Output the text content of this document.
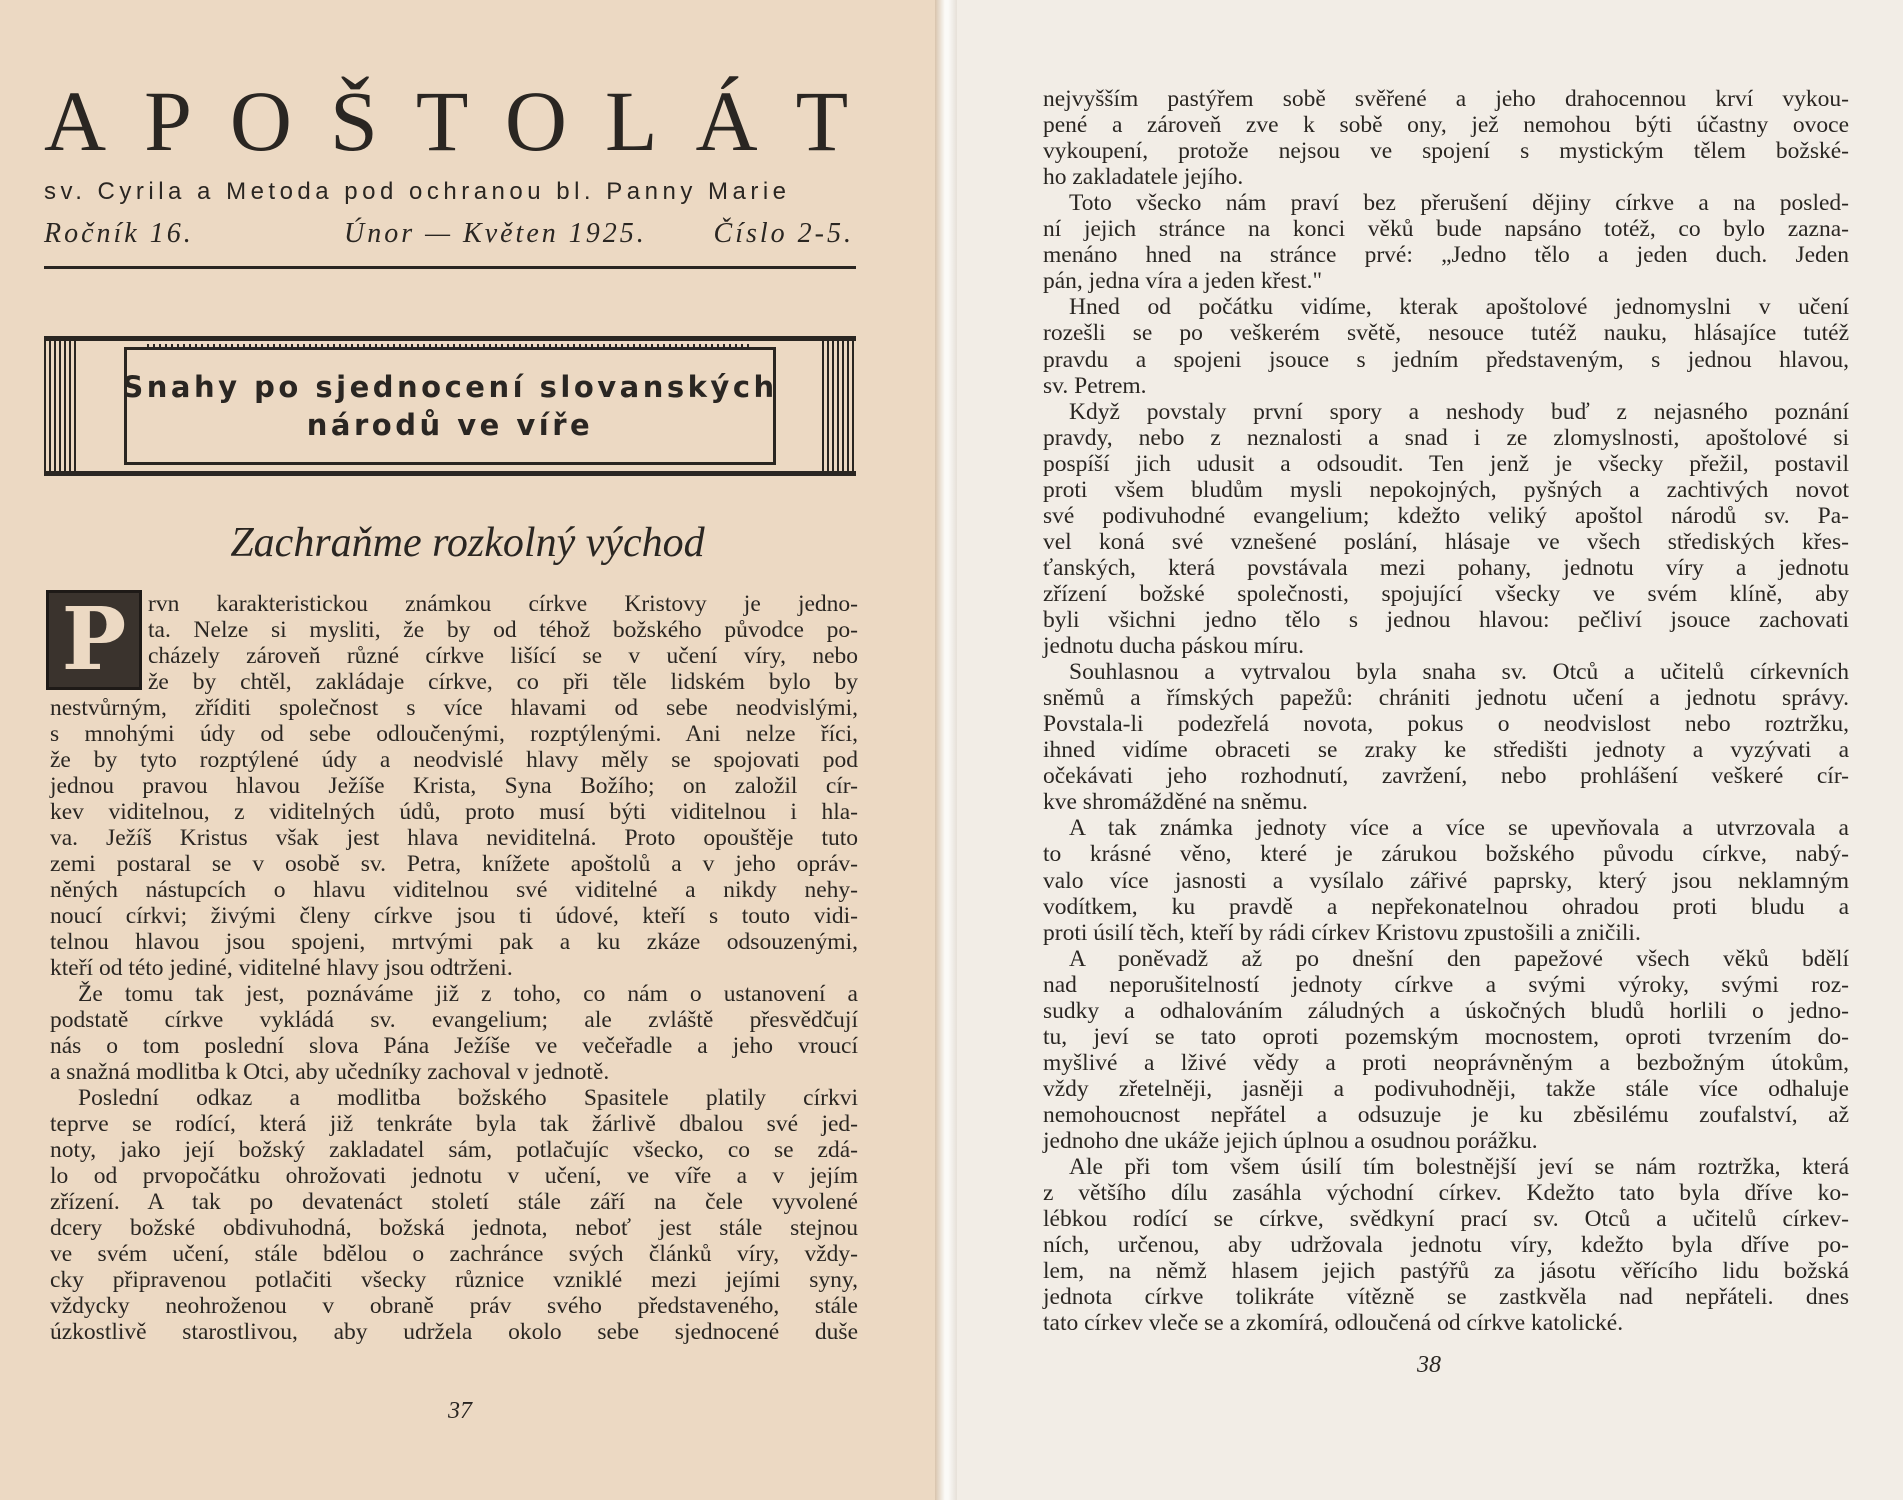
APOŠTOLÁT
sv. Cyrila a Metoda pod ochranou bl. Panny Marie
Ročník 16.	Únor — Květen 1925. Číslo 2-5.
Snahy po sjednocení slovanských
národů ve víře
Zachraňme rozkolný východ
P rvn karakteristickou známkou církve Kristovy je jedno-
ta. Nelze si mysliti, že by od téhož božského původce po-
cházely zároveň různé církve lišící se v učení víry, nebo
že by chtěl, zakládaje církve, co při těle lidském bylo by
nestvůrným, zříditi společnost s více hlavami od sebe neodvislými,
s mnohými údy od sebe odloučenými, rozptýlenými. Ani nelze říci,
že by tyto rozptýlené údy a neodvislé hlavy měly se spojovati pod
jednou pravou hlavou Ježíše Krista, Syna Božího; on založil cír-
kev viditelnou, z viditelných údů, proto musí býti viditelnou i hla-
va. Ježíš Kristus však jest hlava neviditelná. Proto opouštěje tuto
zemi postaral se v osobě sv. Petra, knížete apoštolů a v jeho opráv-
něných nástupcích o hlavu viditelnou své viditelné a nikdy nehy-
noucí církvi; živými členy církve jsou ti údové, kteří s touto vidi-
telnou hlavou jsou spojeni, mrtvými pak a ku zkáze odsouzenými,
kteří od této jediné, viditelné hlavy jsou odtrženi.
Že tomu tak jest, poznáváme již z toho, co nám o ustanovení a
podstatě církve vykládá sv. evangelium; ale zvláště přesvědčují
nás o tom poslední slova Pána Ježíše ve večeřadle a jeho vroucí
a snažná modlitba k Otci, aby učedníky zachoval v jednotě.
Poslední odkaz a modlitba božského Spasitele platily církvi
teprve se rodící, která již tenkráte byla tak žárlivě dbalou své jed-
noty, jako její božský zakladatel sám, potlačujíc všecko, co se zdá-
lo od prvopočátku ohrožovati jednotu v učení, ve víře a v jejím
zřízení. A tak po devatenáct století stále září na čele vyvolené
dcery božské obdivuhodná, božská jednota, neboť jest stále stejnou
ve svém učení, stále bdělou o zachránce svých článků víry, vždy-
cky připravenou potlačiti všecky různice vzniklé mezi jejími syny,
vždycky neohroženou v obraně práv svého představeného, stále
úzkostlivě starostlivou, aby udržela okolo sebe sjednocené duše
37
nejvyšším pastýřem sobě svěřené a jeho drahocennou krví vykou-
pené a zároveň zve k sobě ony, jež nemohou býti účastny ovoce
vykoupení, protože nejsou ve spojení s mystickým tělem božské-
ho zakladatele jejího.
Toto všecko nám praví bez přerušení dějiny církve a na posled-
ní jejich stránce na konci věků bude napsáno totéž, co bylo zazna-
menáno hned na stránce prvé: „Jedno tělo a jeden duch. Jeden
pán, jedna víra a jeden křest."
Hned od počátku vidíme, kterak apoštolové jednomyslni v učení
rozešli se po veškerém světě, nesouce tutéž nauku, hlásajíce tutéž
pravdu a spojeni jsouce s jedním představeným, s jednou hlavou,
sv. Petrem.
Když povstaly první spory a neshody buď z nejasného poznání
pravdy, nebo z neznalosti a snad i ze zlomyslnosti, apoštolové si
pospíší jich udusit a odsoudit. Ten jenž je všecky přežil, postavil
proti všem bludům mysli nepokojných, pyšných a zachtivých novot
své podivuhodné evangelium; kdežto veliký apoštol národů sv. Pa-
vel koná své vznešené poslání, hlásaje ve všech střediských křes-
ťanských, která povstávala mezi pohany, jednotu víry a jednotu
zřízení božské společnosti, spojující všecky ve svém klíně, aby
byli všichni jedno tělo s jednou hlavou: pečliví jsouce zachovati
jednotu ducha páskou míru.
Souhlasnou a vytrvalou byla snaha sv. Otců a učitelů církevních
sněmů a římských papežů: chrániti jednotu učení a jednotu správy.
Povstala-li podezřelá novota, pokus o neodvislost nebo roztržku,
ihned vidíme obraceti se zraky ke středišti jednoty a vyzývati a
očekávati jeho rozhodnutí, zavržení, nebo prohlášení veškeré cír-
kve shromážděné na sněmu.
A tak známka jednoty více a více se upevňovala a utvrzovala a
to krásné věno, které je zárukou božského původu církve, nabý-
valo více jasnosti a vysílalo zářivé paprsky, který jsou neklamným
vodítkem, ku pravdě a nepřekonatelnou ohradou proti bludu a
proti úsilí těch, kteří by rádi církev Kristovu zpustošili a zničili.
A poněvadž až po dnešní den papežové všech věků bdělí
nad neporušitelností jednoty církve a svými výroky, svými roz-
sudky a odhalováním záludných a úskočných bludů horlili o jedno-
tu, jeví se tato oproti pozemským mocnostem, oproti tvrzením do-
myšlivé a lživé vědy a proti neoprávněným a bezbožným útokům,
vždy zřetelněji, jasněji a podivuhodněji, takže stále více odhaluje
nemohoucnost nepřátel a odsuzuje je ku zběsilému zoufalství, až
jednoho dne ukáže jejich úplnou a osudnou porážku.
Ale při tom všem úsilí tím bolestnější jeví se nám roztržka, která
z většího dílu zasáhla východní církev. Kdežto tato byla dříve ko-
lébkou rodící se církve, svědkyní prací sv. Otců a učitelů církev-
ních, určenou, aby udržovala jednotu víry, kdežto byla dříve po-
lem, na němž hlasem jejich pastýřů za jásotu věřícího lidu božská
jednota církve tolikráte vítězně se zastkvěla nad nepřáteli. dnes
tato církev vleče se a zkomírá, odloučená od církve katolické.
38
